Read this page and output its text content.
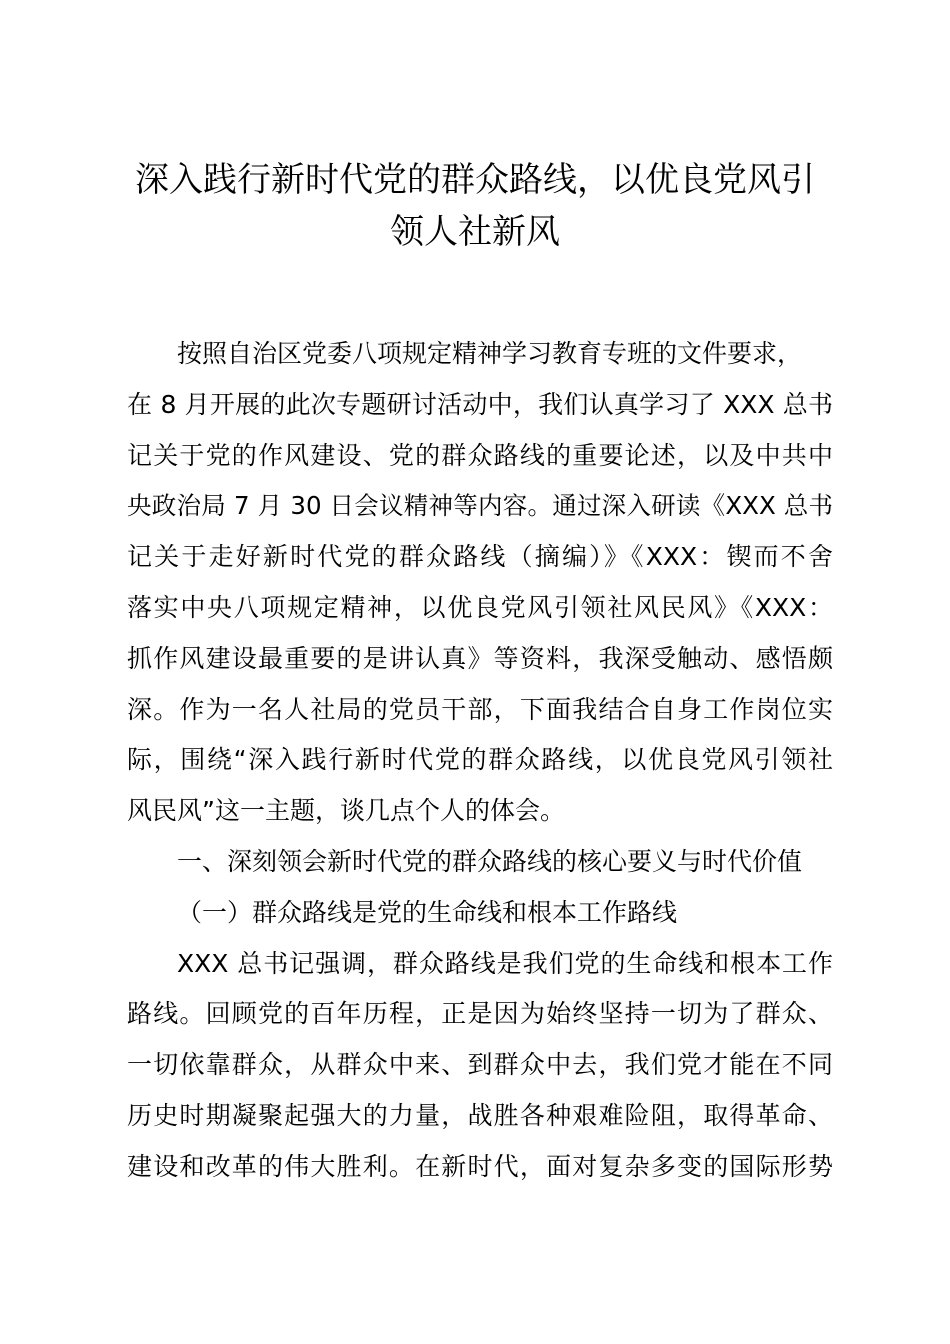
深入践行新时代党的群众路线，以优良党风引
领人社新风
按照自治区党委八项规定精神学习教育专班的文件要求，
在 8 月开展的此次专题研讨活动中，我们认真学习了 XXX 总书
记关于党的作风建设、党的群众路线的重要论述，以及中共中
央政治局 7 月 30 日会议精神等内容。通过深入研读《XXX 总书
记关于走好新时代党的群众路线（摘编）》《XXX：锲而不舍
落实中央八项规定精神，以优良党风引领社风民风》《XXX：
抓作风建设最重要的是讲认真》等资料，我深受触动、感悟颇
深。作为一名人社局的党员干部，下面我结合自身工作岗位实
际，围绕“深入践行新时代党的群众路线，以优良党风引领社
风民风”这一主题，谈几点个人的体会。
一、深刻领会新时代党的群众路线的核心要义与时代价值
（一）群众路线是党的生命线和根本工作路线
XXX 总书记强调，群众路线是我们党的生命线和根本工作
路线。回顾党的百年历程，正是因为始终坚持一切为了群众、
一切依靠群众，从群众中来、到群众中去，我们党才能在不同
历史时期凝聚起强大的力量，战胜各种艰难险阻，取得革命、
建设和改革的伟大胜利。在新时代，面对复杂多变的国际形势
